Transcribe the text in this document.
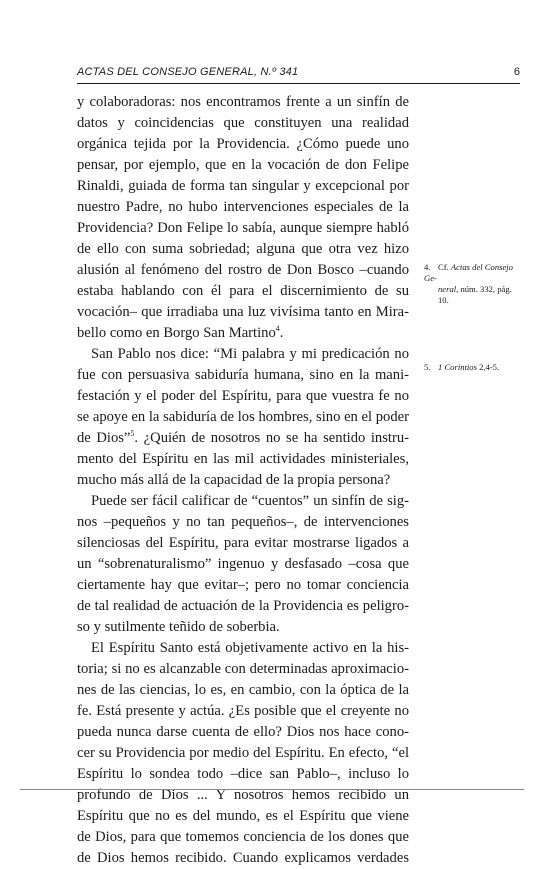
ACTAS DEL CONSEJO GENERAL, N.º 341	6
y colaboradoras: nos encontramos frente a un sinfín de
datos y coincidencias que constituyen una realidad
orgánica tejida por la Providencia. ¿Cómo puede uno
pensar, por ejemplo, que en la vocación de don Felipe
Rinaldi, guiada de forma tan singular y excepcional por
nuestro Padre, no hubo intervenciones especiales de la
Providencia? Don Felipe lo sabía, aunque siempre habló
de ello con suma sobriedad; alguna que otra vez hizo
alusión al fenómeno del rostro de Don Bosco –cuando
estaba hablando con él para el discernimiento de su
vocación– que irradiaba una luz vivísima tanto en Mira-
bello como en Borgo San Martino$^4$.
San Pablo nos dice: “Mi palabra y mi predicación no
fue con persuasiva sabiduría humana, sino en la mani-
festación y el poder del Espíritu, para que vuestra fe no
se apoye en la sabiduría de los hombres, sino en el poder
de Dios”$^5$. ¿Quién de nosotros no se ha sentido instru-
mento del Espíritu en las mil actividades ministeriales,
mucho más allá de la capacidad de la propia persona?
Puede ser fácil calificar de “cuentos” un sinfín de sig-
nos –pequeños y no tan pequeños–, de intervenciones
silenciosas del Espíritu, para evitar mostrarse ligados a
un “sobrenaturalismo” ingenuo y desfasado –cosa que
ciertamente hay que evitar–; pero no tomar conciencia
de tal realidad de actuación de la Providencia es peligro-
so y sutilmente teñido de soberbia.
El Espíritu Santo está objetivamente activo en la his-
toria; si no es alcanzable con determinadas aproximacio-
nes de las ciencias, lo es, en cambio, con la óptica de la
fe. Está presente y actúa. ¿Es posible que el creyente no
pueda nunca darse cuenta de ello? Dios nos hace cono-
cer su Providencia por medio del Espíritu. En efecto, “el
Espíritu lo sondea todo –dice san Pablo–, incluso lo
profundo de Dios ... Y nosotros hemos recibido un
Espíritu que no es del mundo, es el Espíritu que viene
de Dios, para que tomemos conciencia de los dones que
de Dios hemos recibido. Cuando explicamos verdades
4. Cf. Actas del Consejo Ge-
neral, núm. 332, pág.
10.
5. 1 Corintios 2,4-5.
